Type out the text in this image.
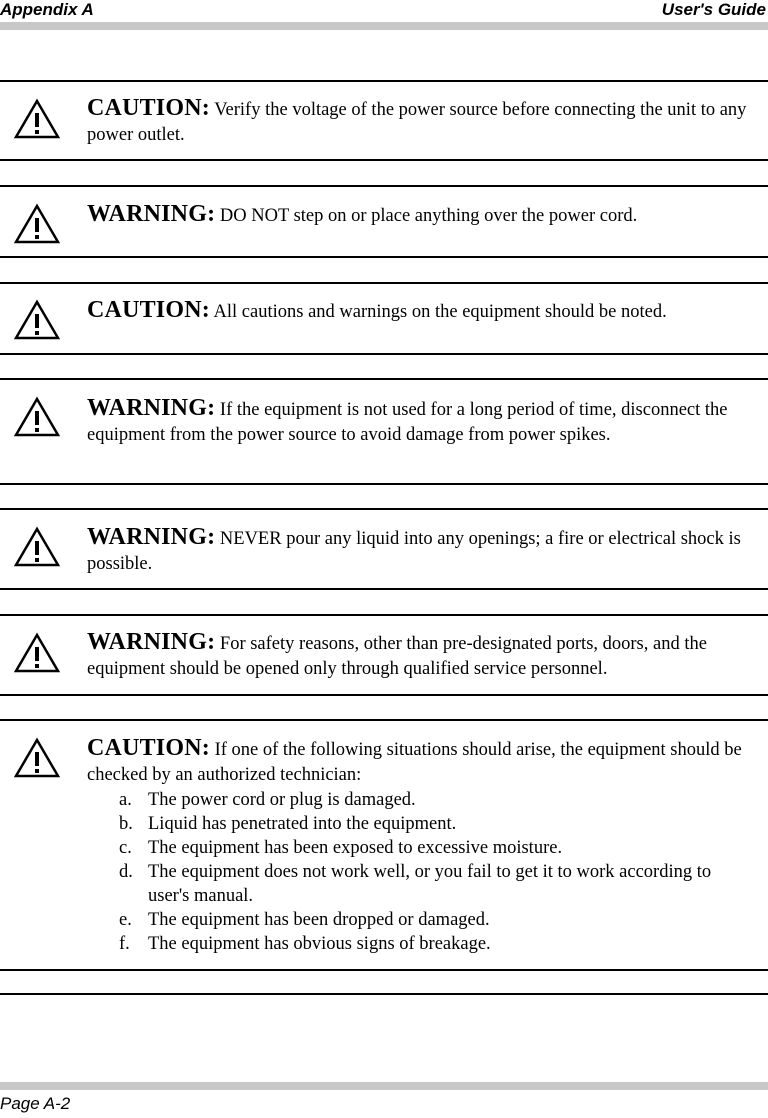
Appendix A	User's Guide
CAUTION: Verify the voltage of the power source before connecting the unit to any power outlet.
WARNING: DO NOT step on or place anything over the power cord.
CAUTION: All cautions and warnings on the equipment should be noted.
WARNING: If the equipment is not used for a long period of time, disconnect the equipment from the power source to avoid damage from power spikes.
WARNING: NEVER pour any liquid into any openings; a fire or electrical shock is possible.
WARNING: For safety reasons, other than pre-designated ports, doors, and the equipment should be opened only through qualified service personnel.
CAUTION: If one of the following situations should arise, the equipment should be checked by an authorized technician:
a. The power cord or plug is damaged.
b. Liquid has penetrated into the equipment.
c. The equipment has been exposed to excessive moisture.
d. The equipment does not work well, or you fail to get it to work according to user's manual.
e. The equipment has been dropped or damaged.
f. The equipment has obvious signs of breakage.
Page A-2
